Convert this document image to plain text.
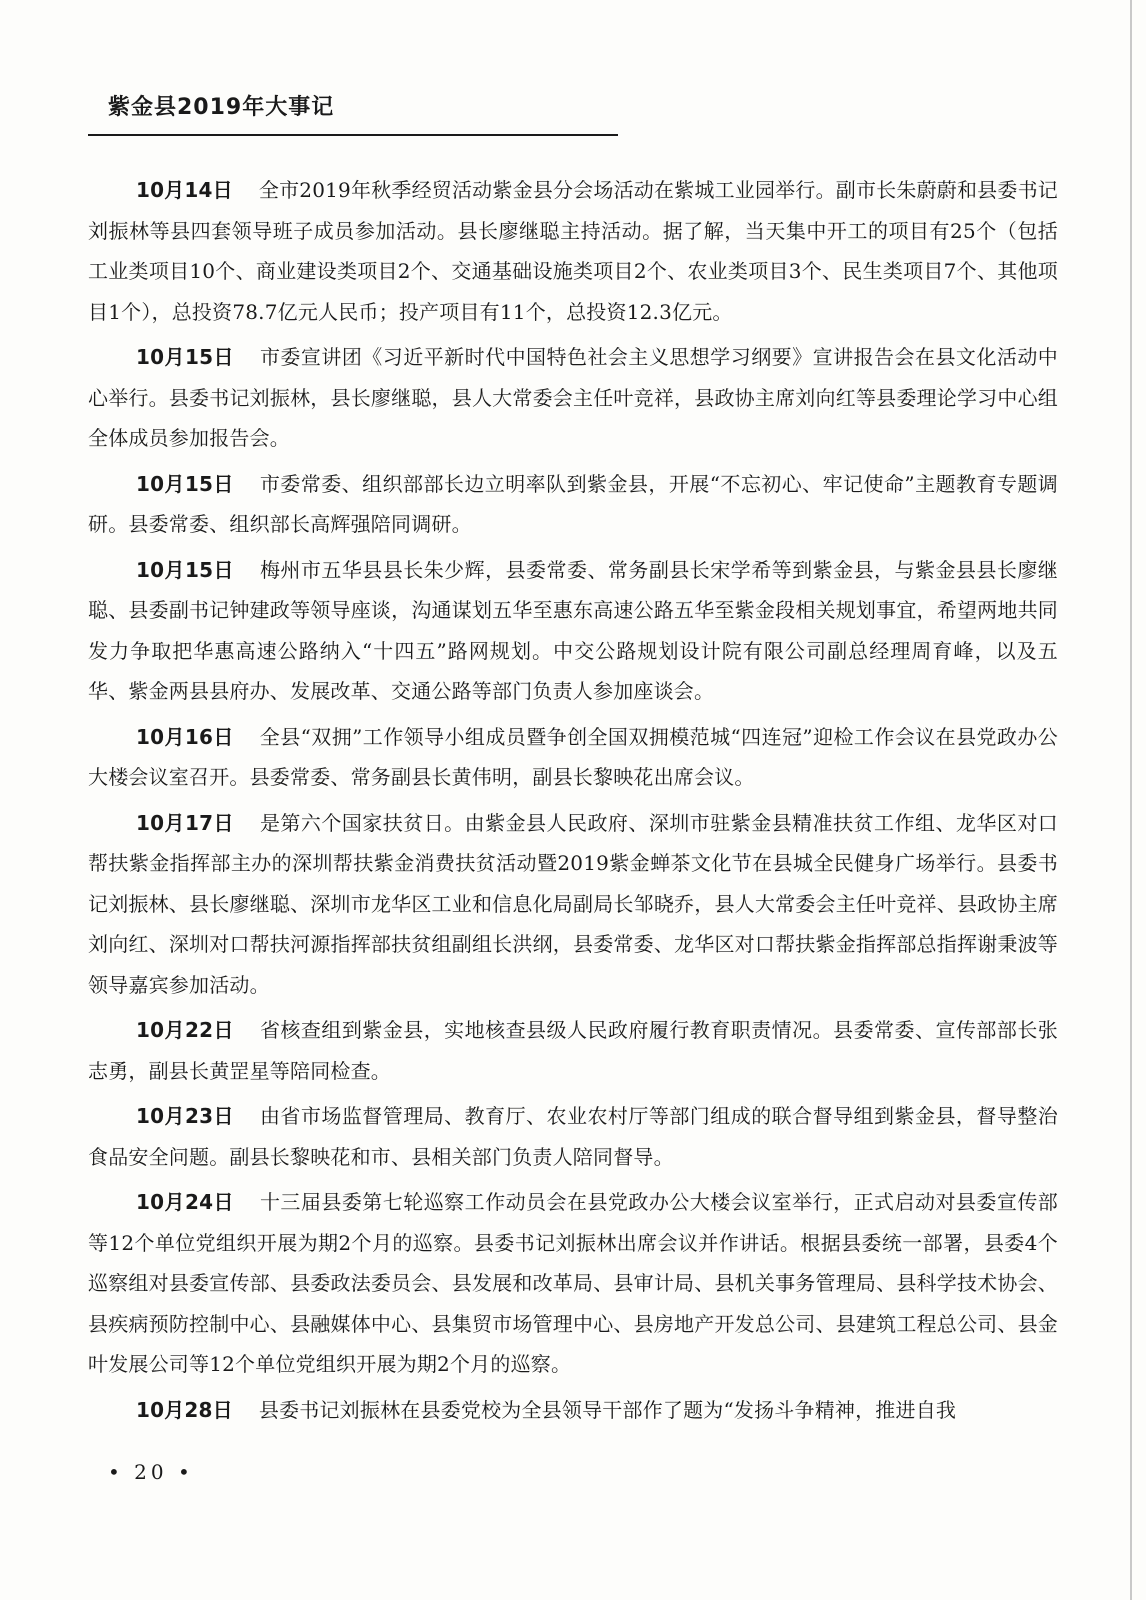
紫金县2019年大事记

10月14日 全市2019年秋季经贸活动紫金县分会场活动在紫城工业园举行。副市长朱蔚蔚和县委书记刘振林等县四套领导班子成员参加活动。县长廖继聪主持活动。据了解，当天集中开工的项目有25个（包括工业类项目10个、商业建设类项目2个、交通基础设施类项目2个、农业类项目3个、民生类项目7个、其他项目1个），总投资78.7亿元人民币；投产项目有11个，总投资12.3亿元。

10月15日 市委宣讲团《习近平新时代中国特色社会主义思想学习纲要》宣讲报告会在县文化活动中心举行。县委书记刘振林，县长廖继聪，县人大常委会主任叶竞祥，县政协主席刘向红等县委理论学习中心组全体成员参加报告会。

10月15日 市委常委、组织部部长边立明率队到紫金县，开展“不忘初心、牢记使命”主题教育专题调研。县委常委、组织部长高辉强陪同调研。

10月15日 梅州市五华县县长朱少辉，县委常委、常务副县长宋学希等到紫金县，与紫金县县长廖继聪、县委副书记钟建政等领导座谈，沟通谋划五华至惠东高速公路五华至紫金段相关规划事宜，希望两地共同发力争取把华惠高速公路纳入“十四五”路网规划。中交公路规划设计院有限公司副总经理周育峰，以及五华、紫金两县县府办、发展改革、交通公路等部门负责人参加座谈会。

10月16日 全县“双拥”工作领导小组成员暨争创全国双拥模范城“四连冠”迎检工作会议在县党政办公大楼会议室召开。县委常委、常务副县长黄伟明，副县长黎映花出席会议。

10月17日 是第六个国家扶贫日。由紫金县人民政府、深圳市驻紫金县精准扶贫工作组、龙华区对口帮扶紫金指挥部主办的深圳帮扶紫金消费扶贫活动暨2019紫金蝉茶文化节在县城全民健身广场举行。县委书记刘振林、县长廖继聪、深圳市龙华区工业和信息化局副局长邹晓乔，县人大常委会主任叶竞祥、县政协主席刘向红、深圳对口帮扶河源指挥部扶贫组副组长洪纲，县委常委、龙华区对口帮扶紫金指挥部总指挥谢秉波等领导嘉宾参加活动。

10月22日 省核查组到紫金县，实地核查县级人民政府履行教育职责情况。县委常委、宣传部部长张志勇，副县长黄罡星等陪同检查。

10月23日 由省市场监督管理局、教育厅、农业农村厅等部门组成的联合督导组到紫金县，督导整治食品安全问题。副县长黎映花和市、县相关部门负责人陪同督导。

10月24日 十三届县委第七轮巡察工作动员会在县党政办公大楼会议室举行，正式启动对县委宣传部等12个单位党组织开展为期2个月的巡察。县委书记刘振林出席会议并作讲话。根据县委统一部署，县委4个巡察组对县委宣传部、县委政法委员会、县发展和改革局、县审计局、县机关事务管理局、县科学技术协会、县疾病预防控制中心、县融媒体中心、县集贸市场管理中心、县房地产开发总公司、县建筑工程总公司、县金叶发展公司等12个单位党组织开展为期2个月的巡察。

10月28日 县委书记刘振林在县委党校为全县领导干部作了题为“发扬斗争精神，推进自我

• 20 •
